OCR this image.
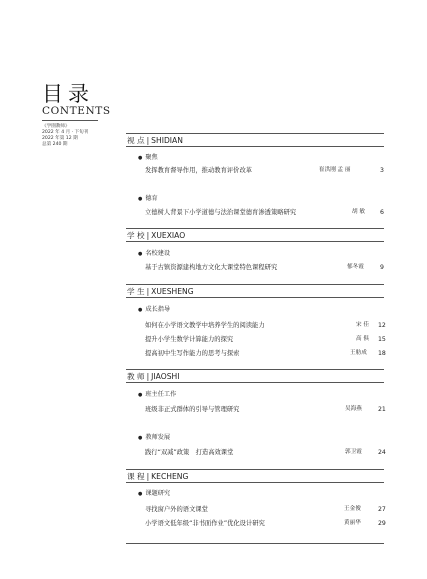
目录
CONTENTS
《学園教师》
2022 年 4 月 · 下旬刊
2022 年第 12 期
总第 240 期	视 点 | SHIDIAN
● 聚焦
发挥教育督导作用，推动教育评价改革	崔洪刚 孟 丽	3
● 德育
立德树人背景下小学道德与法治课堂德育渗透策略研究	胡 敏 6
学 校 | XUEXIAO
● 名校建设
基于古镇资源建构地方文化大课堂特色课程研究	郁冬霞	9
学 生 | XUESHENG
● 成长指导
如何在小学语文教学中培养学生的阅读能力	宋 佳 12
提升小学生数学计算能力的探究	高 俱 15
提高初中生写作能力的思考与探索	王舫成 18
教 师 | JIAOSHI
● 班主任工作
班级非正式群体的引导与管理研究	吴海燕	21
● 教师发展
践行“双减”政策　打造高效课堂	郭卫霞	24
课 程 | KECHENG
● 课题研究
寻找窗户外的语文课堂	王金俊	27
小学语文低年级“非书面作业”优化设计研究	黄丽华	29
